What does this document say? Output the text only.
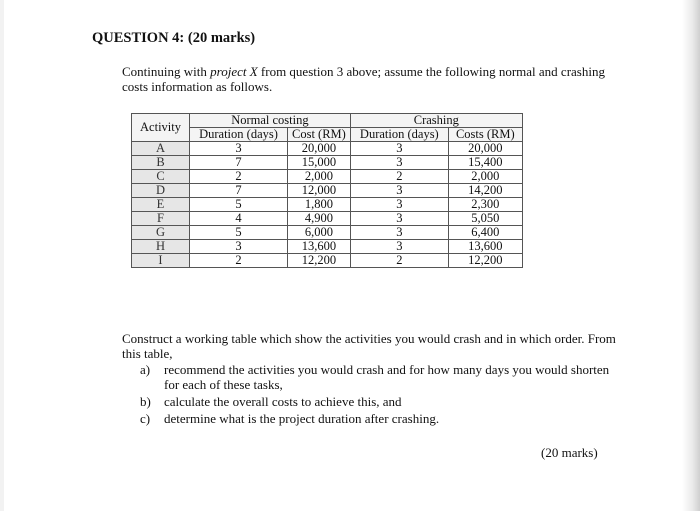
QUESTION 4: (20 marks)
Continuing with project X from question 3 above; assume the following normal and crashing costs information as follows.
Activity	Normal costing		Crashing	
	Duration (days)	Cost (RM)	Duration (days)	Costs (RM)
A	3	20,000	3	20,000
B	7	15,000	3	15,400
C	2	2,000	2	2,000
D	7	12,000	3	14,200
E	5	1,800	3	2,300
F	4	4,900	3	5,050
G	5	6,000	3	6,400
H	3	13,600	3	13,600
I	2	12,200	2	12,200
Construct a working table which show the activities you would crash and in which order. From this table,
a)	recommend the activities you would crash and for how many days you would shorten for each of these tasks,
b)	calculate the overall costs to achieve this, and
c)	determine what is the project duration after crashing.
(20 marks)
